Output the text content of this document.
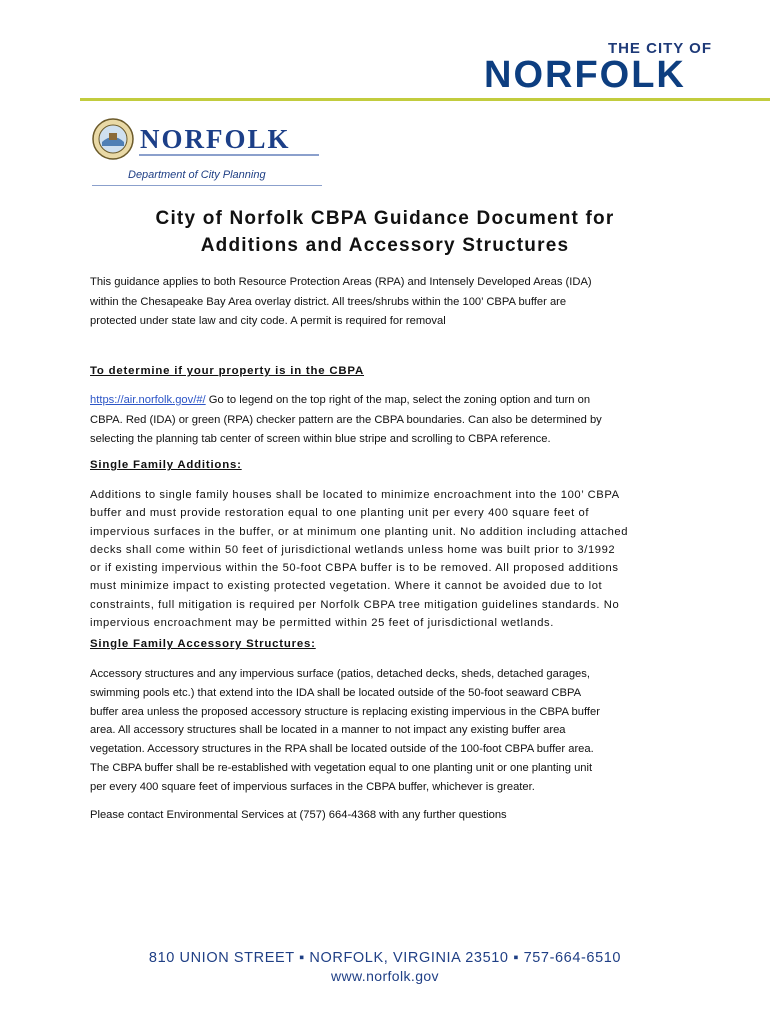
THE CITY OF
NORFOLK
NORFOLK
Department of City Planning
City of Norfolk CBPA Guidance Document for
Additions and Accessory Structures

This guidance applies to both Resource Protection Areas (RPA) and Intensely Developed Areas (IDA)
within the Chesapeake Bay Area overlay district. All trees/shrubs within the 100’ CBPA buffer are
protected under state law and city code. A permit is required for removal

To determine if your property is in the CBPA

https://air.norfolk.gov/#/ Go to legend on the top right of the map, select the zoning option and turn on
CBPA. Red (IDA) or green (RPA) checker pattern are the CBPA boundaries. Can also be determined by
selecting the planning tab center of screen within blue stripe and scrolling to CBPA reference.

Single Family Additions:

Additions to single family houses shall be located to minimize encroachment into the 100’ CBPA
buffer and must provide restoration equal to one planting unit per every 400 square feet of
impervious surfaces in the buffer, or at minimum one planting unit. No addition including attached
decks shall come within 50 feet of jurisdictional wetlands unless home was built prior to 3/1992
or if existing impervious within the 50-foot CBPA buffer is to be removed. All proposed additions
must minimize impact to existing protected vegetation. Where it cannot be avoided due to lot
constraints, full mitigation is required per Norfolk CBPA tree mitigation guidelines standards. No
impervious encroachment may be permitted within 25 feet of jurisdictional wetlands.

Single Family Accessory Structures:

Accessory structures and any impervious surface (patios, detached decks, sheds, detached garages,
swimming pools etc.) that extend into the IDA shall be located outside of the 50-foot seaward CBPA
buffer area unless the proposed accessory structure is replacing existing impervious in the CBPA buffer
area. All accessory structures shall be located in a manner to not impact any existing buffer area
vegetation. Accessory structures in the RPA shall be located outside of the 100-foot CBPA buffer area.
The CBPA buffer shall be re-established with vegetation equal to one planting unit or one planting unit
per every 400 square feet of impervious surfaces in the CBPA buffer, whichever is greater.

Please contact Environmental Services at (757) 664-4368 with any further questions

810 UNION STREET ▪ NORFOLK, VIRGINIA 23510 ▪ 757-664-6510
www.norfolk.gov
